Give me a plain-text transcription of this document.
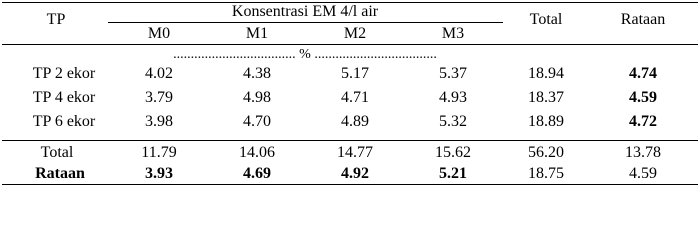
TP	Konsentrasi EM 4/l air	Total	Rataan
M0	M1	M2	M3
................................... % ...................................
TP 2 ekor	4.02	4.38	5.17	5.37	18.94	4.74
TP 4 ekor	3.79	4.98	4.71	4.93	18.37	4.59
TP 6 ekor	3.98	4.70	4.89	5.32	18.89	4.72
Total	11.79	14.06	14.77	15.62	56.20	13.78
Rataan	3.93	4.69	4.92	5.21	18.75	4.59
